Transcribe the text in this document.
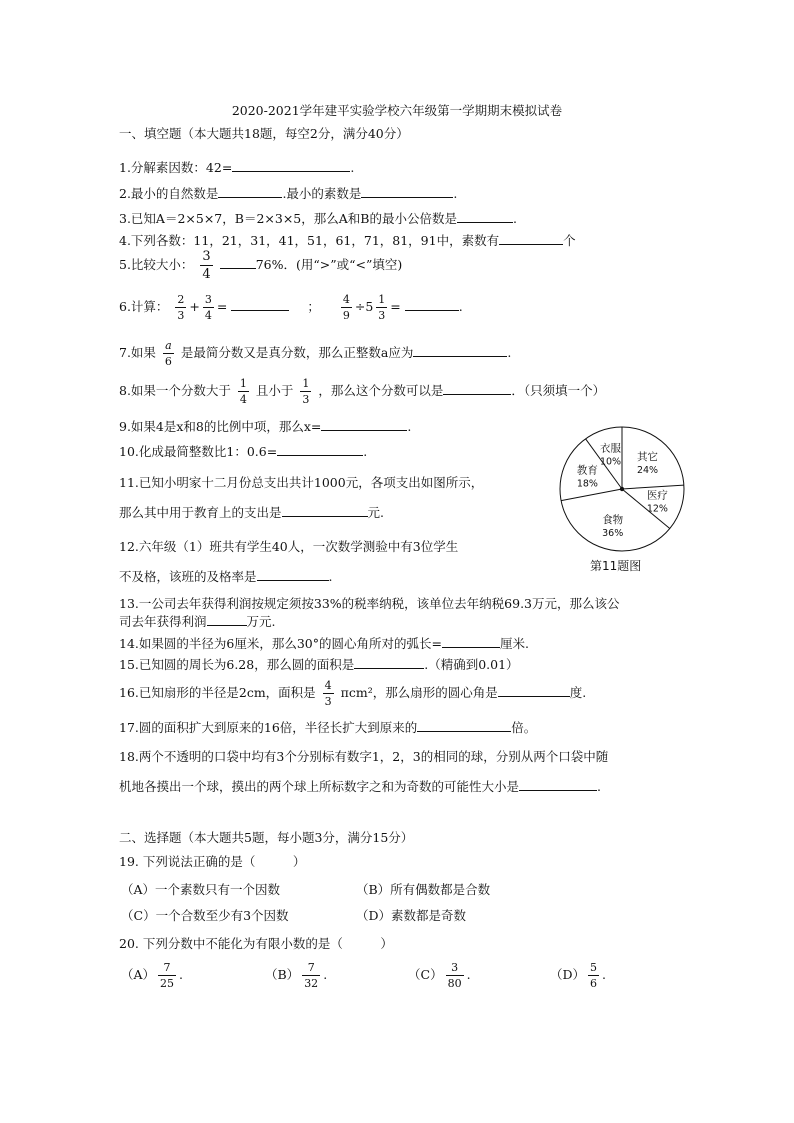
2020-2021学年建平实验学校六年级第一学期期末模拟试卷
一、填空题（本大题共18题，每空2分，满分40分）
1.分解素因数：42=	.
2.最小的自然数是	.最小的素数是	.
3.已知A＝2×5×7，B＝2×3×5，那么A和B的最小公倍数是	.
4.下列各数：11，21，31，41，51，61，71，81，91中，素数有	个
5.比较大小： $\frac{3}{4}$	76%．(用“>”或“<”填空)
6.计算： $\frac{2}{3} + \frac{3}{4}$ =	； $\frac{4}{9} \div 5 \frac{1}{3}$ =	.
7.如果 $\frac{a}{6}$ 是最简分数又是真分数，那么正整数a应为	.
8.如果一个分数大于 $\frac{1}{4}$ 且小于 $\frac{1}{3}$ ，那么这个分数可以是	．（只须填一个）
9.如果4是x和8的比例中项，那么x=	.
10.化成最简整数比1：0.6=	.
11.已知小明家十二月份总支出共计1000元，各项支出如图所示，
那么其中用于教育上的支出是	元.
12.六年级（1）班共有学生40人，一次数学测验中有3位学生
不及格，该班的及格率是	.
13.一公司去年获得利润按规定须按33%的税率纳税，该单位去年纳税69.3万元，那么该公
司去年获得利润	万元.
14.如果圆的半径为6厘米，那么30°的圆心角所对的弧长=	厘米.
15.已知圆的周长为6.28，那么圆的面积是	.（精确到0.01）
16.已知扇形的半径是2cm，面积是 $\frac{4}{3} \pi cm^2$，那么扇形的圆心角是	度.
17.圆的面积扩大到原来的16倍，半径长扩大到原来的	倍。
18.两个不透明的口袋中均有3个分别标有数字1，2，3的相同的球，分别从两个口袋中随
机地各摸出一个球，摸出的两个球上所标数字之和为奇数的可能性大小是	.
二、选择题（本大题共5题，每小题3分，满分15分）
19. 下列说法正确的是（　　　）
（A）一个素数只有一个因数	（B）所有偶数都是合数
（C）一个合数至少有3个因数	（D）素数都是奇数
20. 下列分数中不能化为有限小数的是（　　　）
$(A) \frac{7}{25}$ .	$(B) \frac{7}{32}$ .	$(C) \frac{3}{80}$ .	$(D) \frac{5}{6}$ .
其它
24%
医疗
12%
食物
36%
教育
18%
衣服
10%
第11题图
